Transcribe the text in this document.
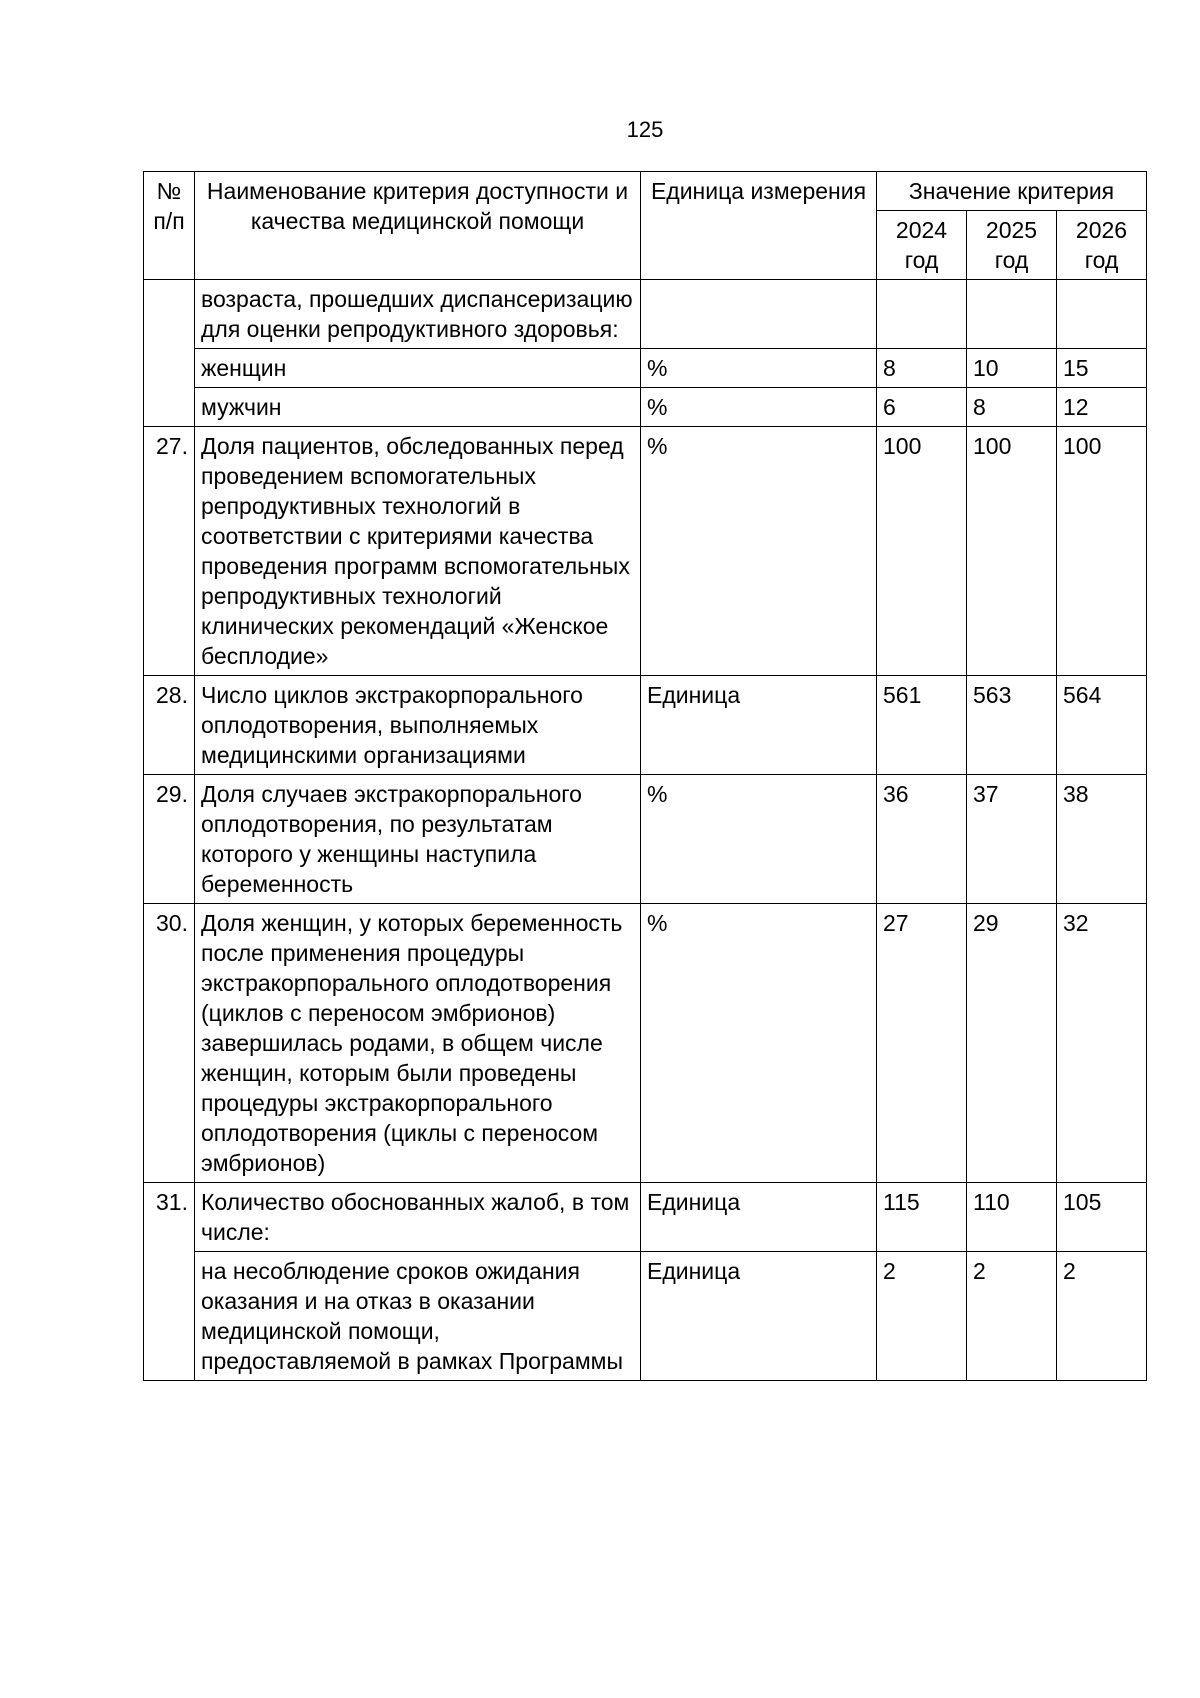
125
№ п/п	Наименование критерия доступности и качества медицинской помощи	Единица измерения	Значение критерия		
			2024 год	2025 год	2026 год
	возраста, прошедших диспансеризацию для оценки репродуктивного здоровья:				
	женщин	%	8	10	15
	мужчин	%	6	8	12
27.	Доля пациентов, обследованных перед проведением вспомогательных репродуктивных технологий в соответствии с критериями качества проведения программ вспомогательных репродуктивных технологий клинических рекомендаций «Женское бесплодие»	%	100	100	100
28.	Число циклов экстракорпорального оплодотворения, выполняемых медицинскими организациями	Единица	561	563	564
29.	Доля случаев экстракорпорального оплодотворения, по результатам которого у женщины наступила беременность	%	36	37	38
30.	Доля женщин, у которых беременность после применения процедуры экстракорпорального оплодотворения (циклов с переносом эмбрионов) завершилась родами, в общем числе женщин, которым были проведены процедуры экстракорпорального оплодотворения (циклы с переносом эмбрионов)	%	27	29	32
31.	Количество обоснованных жалоб, в том числе:	Единица	115	110	105
	на несоблюдение сроков ожидания оказания и на отказ в оказании медицинской помощи, предоставляемой в рамках Программы	Единица	2	2	2
